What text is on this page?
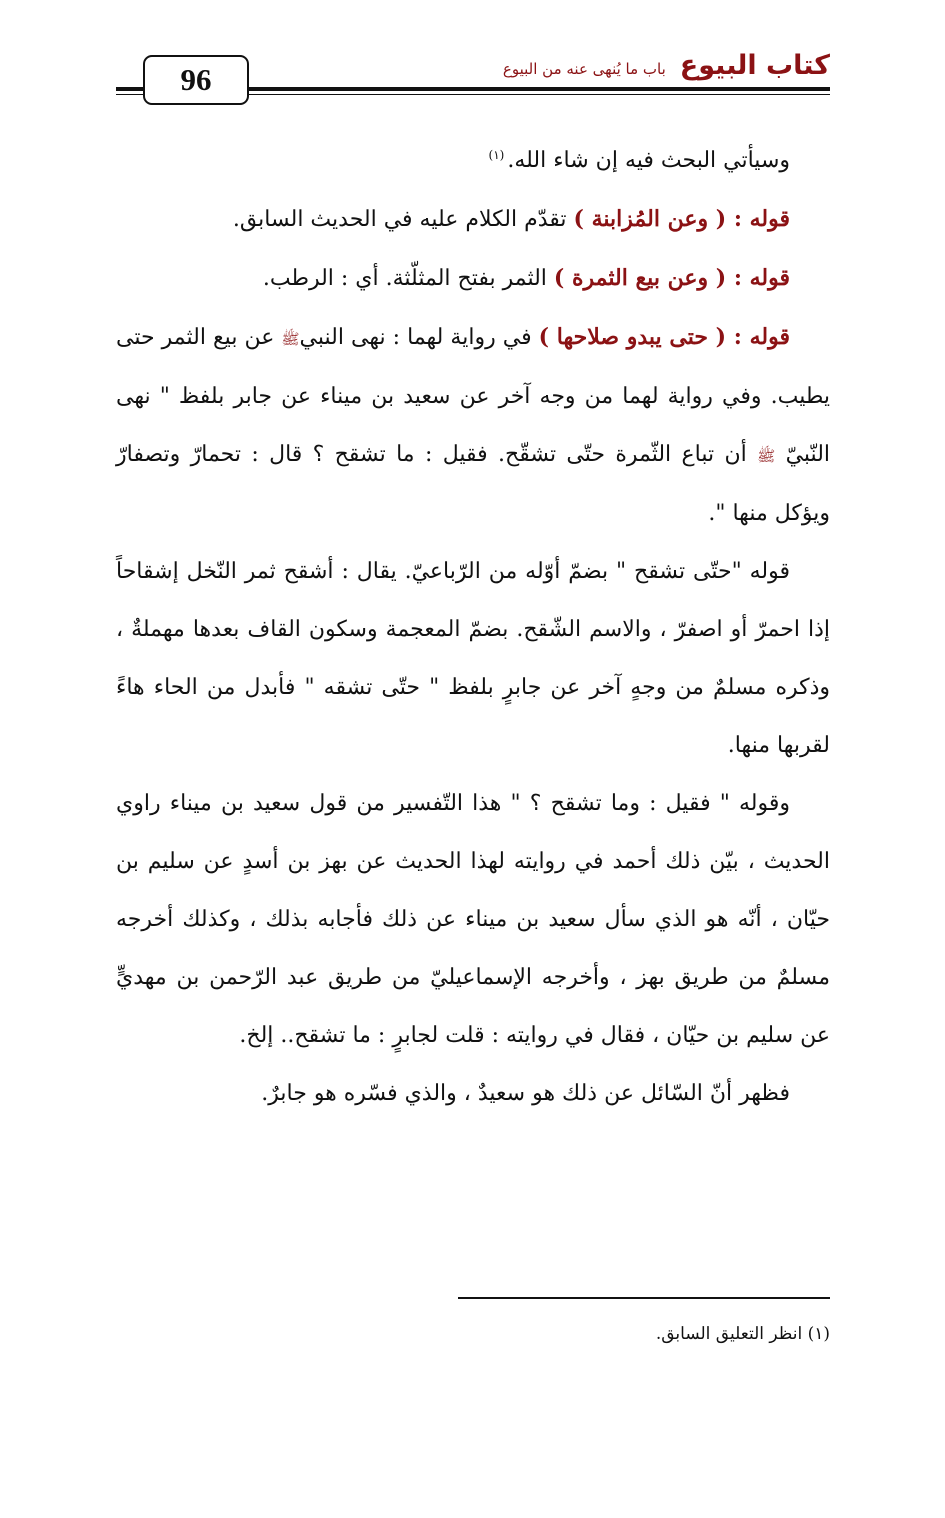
96	كتاب البيوع
باب ما يُنهى عنه من البيوع

وسيأتي البحث فيه إن شاء الله.$^{(١)}$

قوله : ( وعن المُزابنة ) تقدّم الكلام عليه في الحديث السابق.

قوله : ( وعن بيع الثمرة ) الثمر بفتح المثلّثة. أي : الرطب.

قوله : ( حتى يبدو صلاحها ) في رواية لهما : نهى النبيﷺ عن بيع الثمر حتى يطيب. وفي رواية لهما من وجه آخر عن سعيد بن ميناء عن جابر بلفظ " نهى النّبيّ ﷺ أن تباع الثّمرة حتّى تشقّح. فقيل : ما تشقح ؟ قال : تحمارّ وتصفارّ ويؤكل منها ".

قوله "حتّى تشقح " بضمّ أوّله من الرّباعيّ. يقال : أشقح ثمر النّخل إشقاحاً إذا احمرّ أو اصفرّ ، والاسم الشّقح. بضمّ المعجمة وسكون القاف بعدها مهملةٌ ، وذكره مسلمٌ من وجهٍ آخر عن جابرٍ بلفظ " حتّى تشقه " فأبدل من الحاء هاءً لقربها منها.

وقوله " فقيل : وما تشقح ؟ " هذا التّفسير من قول سعيد بن ميناء راوي الحديث ، بيّن ذلك أحمد في روايته لهذا الحديث عن بهز بن أسدٍ عن سليم بن حيّان ، أنّه هو الذي سأل سعيد بن ميناء عن ذلك فأجابه بذلك ، وكذلك أخرجه مسلمٌ من طريق بهز ، وأخرجه الإسماعيليّ من طريق عبد الرّحمن بن مهديٍّ عن سليم بن حيّان ، فقال في روايته : قلت لجابرٍ : ما تشقح.. إلخ.

فظهر أنّ السّائل عن ذلك هو سعيدٌ ، والذي فسّره هو جابرٌ.

(١) انظر التعليق السابق.
